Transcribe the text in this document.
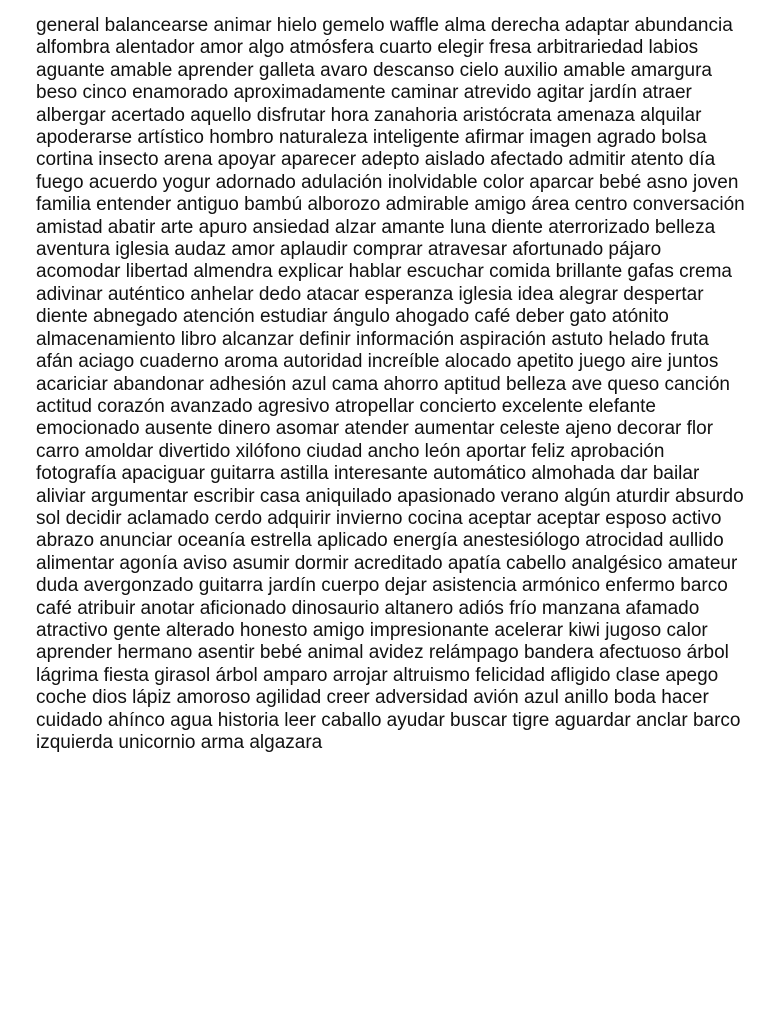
general balancearse animar hielo gemelo waffle alma derecha adaptar abundancia
alfombra alentador amor algo atmósfera cuarto elegir fresa arbitrariedad labios
aguante amable aprender galleta avaro descanso cielo auxilio amable amargura
beso cinco enamorado aproximadamente caminar atrevido agitar jardín atraer
albergar acertado aquello disfrutar hora zanahoria aristócrata amenaza alquilar
apoderarse artístico hombro naturaleza inteligente afirmar imagen agrado bolsa
cortina insecto arena apoyar aparecer adepto aislado afectado admitir atento día
fuego acuerdo yogur adornado adulación inolvidable color aparcar bebé asno joven
familia entender antiguo bambú alborozo admirable amigo área centro conversación
amistad abatir arte apuro ansiedad alzar amante luna diente aterrorizado belleza
aventura iglesia audaz amor aplaudir comprar atravesar afortunado pájaro
acomodar libertad almendra explicar hablar escuchar comida brillante gafas crema
adivinar auténtico anhelar dedo atacar esperanza iglesia idea alegrar despertar
diente abnegado atención estudiar ángulo ahogado café deber gato atónito
almacenamiento libro alcanzar definir información aspiración astuto helado fruta
afán aciago cuaderno aroma autoridad increíble alocado apetito juego aire juntos
acariciar abandonar adhesión azul cama ahorro aptitud belleza ave queso canción
actitud corazón avanzado agresivo atropellar concierto excelente elefante
emocionado ausente dinero asomar atender aumentar celeste ajeno decorar flor
carro amoldar divertido xilófono ciudad ancho león aportar feliz aprobación
fotografía apaciguar guitarra astilla interesante automático almohada dar bailar
aliviar argumentar escribir casa aniquilado apasionado verano algún aturdir absurdo
sol decidir aclamado cerdo adquirir invierno cocina aceptar aceptar esposo activo
abrazo anunciar oceanía estrella aplicado energía anestesiólogo atrocidad aullido
alimentar agonía aviso asumir dormir acreditado apatía cabello analgésico amateur
duda avergonzado guitarra jardín cuerpo dejar asistencia armónico enfermo barco
café atribuir anotar aficionado dinosaurio altanero adiós frío manzana afamado
atractivo gente alterado honesto amigo impresionante acelerar kiwi jugoso calor
aprender hermano asentir bebé animal avidez relámpago bandera afectuoso árbol
lágrima fiesta girasol árbol amparo arrojar altruismo felicidad afligido clase apego
coche dios lápiz amoroso agilidad creer adversidad avión azul anillo boda hacer
cuidado ahínco agua historia leer caballo ayudar buscar tigre aguardar anclar barco
izquierda unicornio arma algazara
